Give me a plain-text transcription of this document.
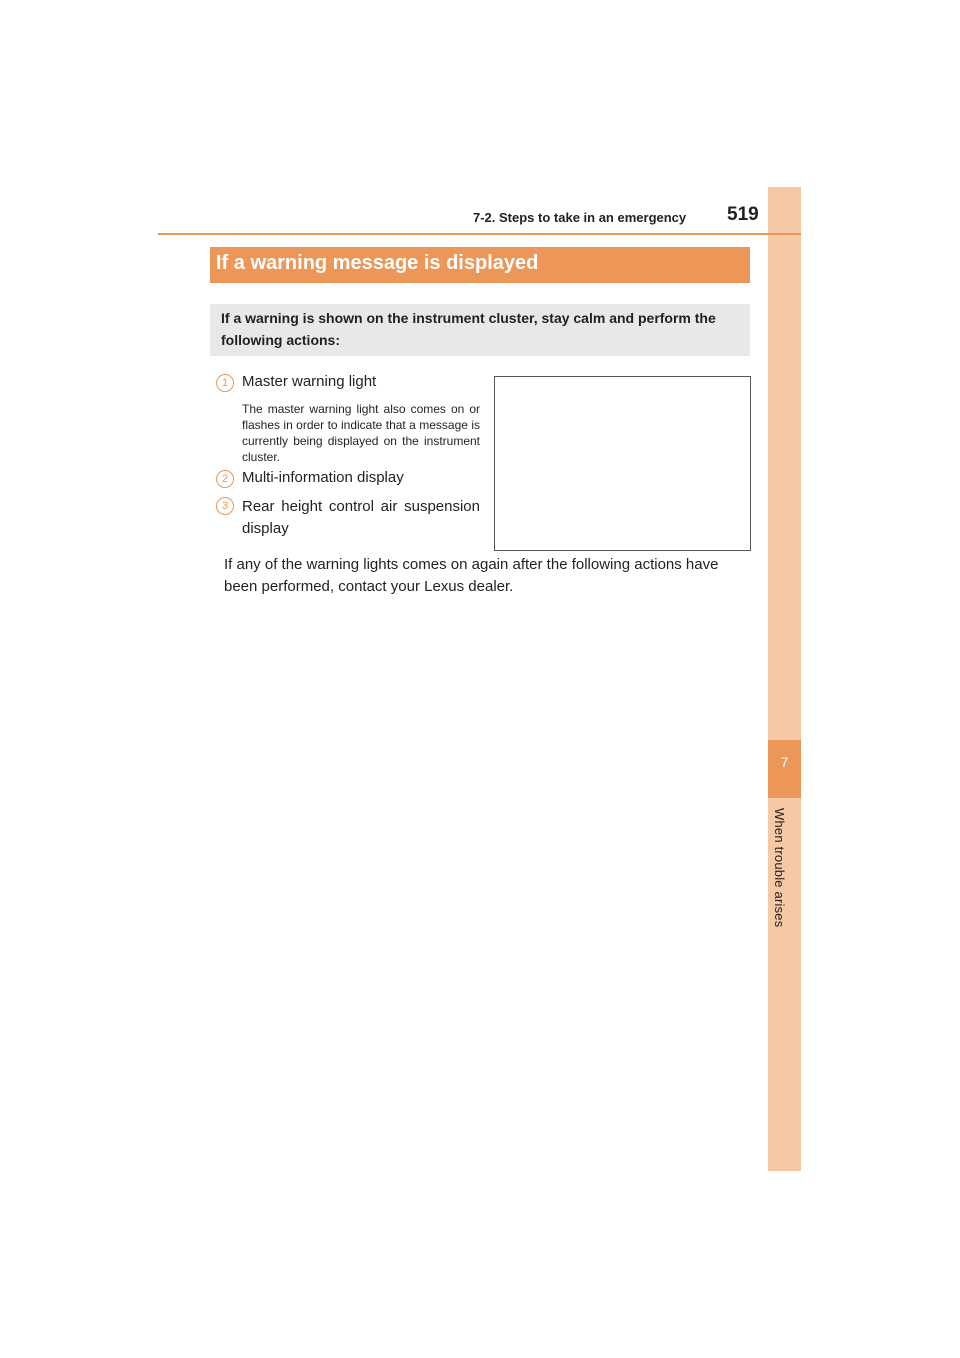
7
When trouble arises
7-2. Steps to take in an emergency 519
If a warning message is displayed
If a warning is shown on the instrument cluster, stay calm and perform the following actions:
1 Master warning light
The master warning light also comes on or flashes in order to indicate that a message is currently being displayed on the instrument cluster.
2 Multi-information display
3 Rear height control air suspension display
If any of the warning lights comes on again after the following actions have been performed, contact your Lexus dealer.
